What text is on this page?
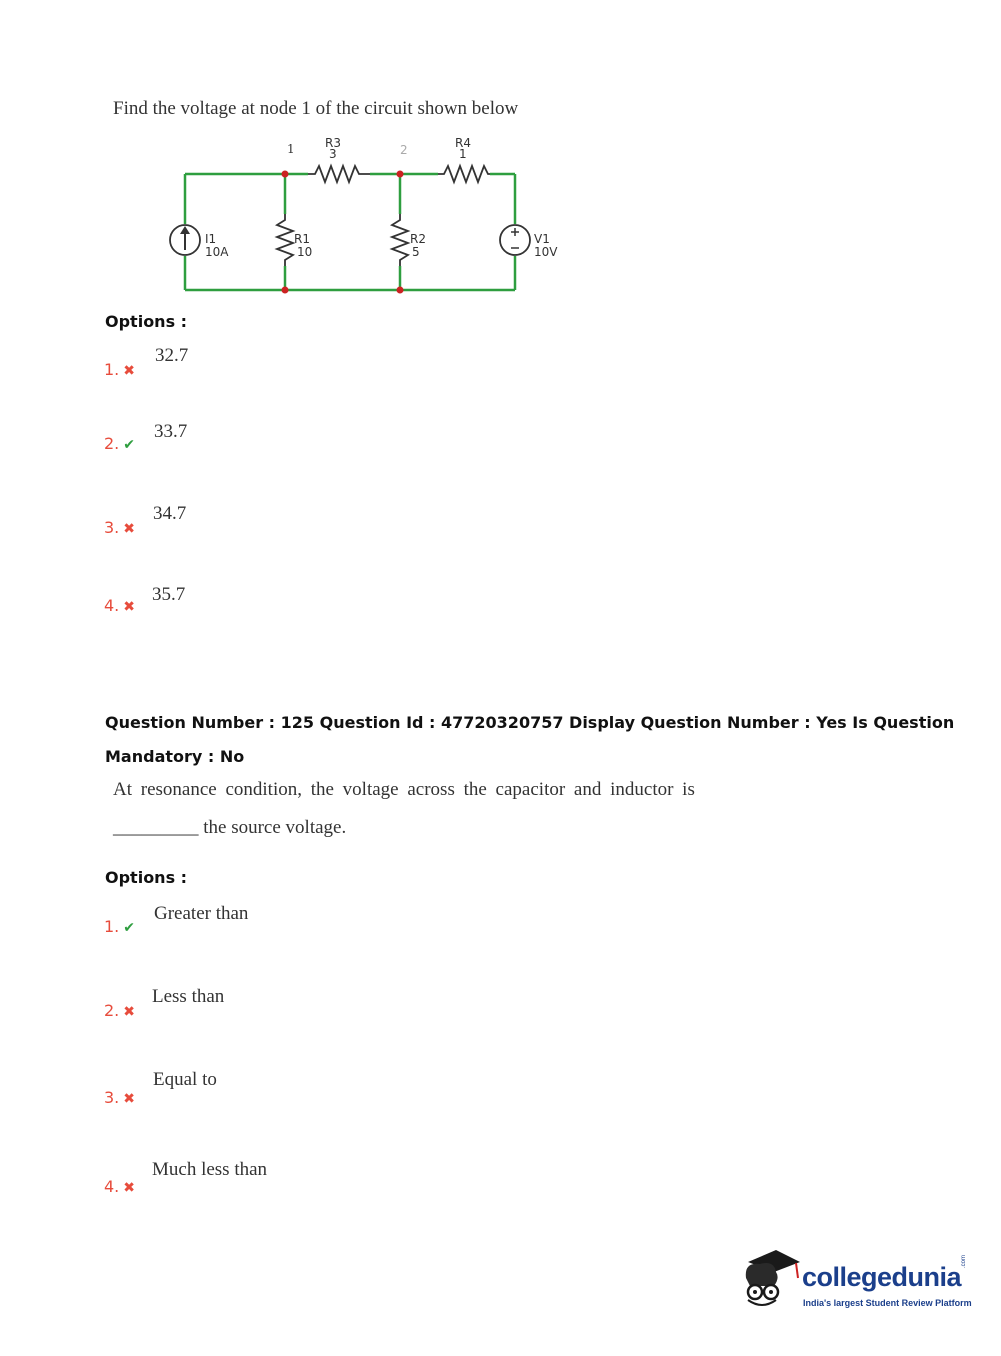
Find the voltage at node 1 of the circuit shown below
1	2
R3
3
R4
1
I1
10A
R1
10
R2
5
V1
10V
Options :
1. ✖
32.7
2. ✔
33.7
3. ✖
34.7
4. ✖
35.7
Question Number : 125 Question Id : 47720320757 Display Question Number : Yes Is Question
Mandatory : No
At resonance condition, the voltage across the capacitor and inductor is
_________ the source voltage.
Options :
1. ✔
Greater than
2. ✖
Less than
3. ✖
Equal to
4. ✖
Much less than
collegedunia
.com
India's largest Student Review Platform
